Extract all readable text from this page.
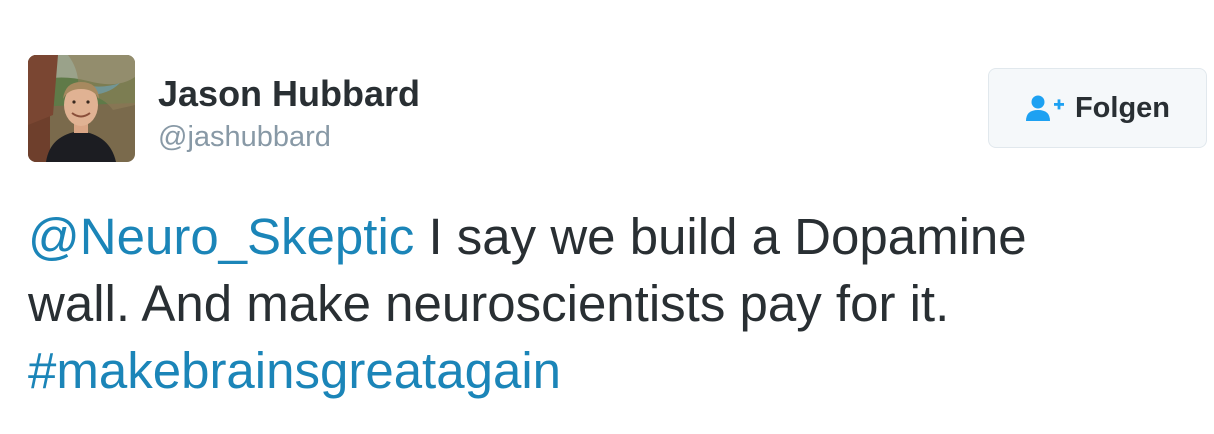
Jason Hubbard
@jashubbard
Folgen

@Neuro_Skeptic I say we build a Dopamine
wall. And make neuroscientists pay for it.
#makebrainsgreatagain
